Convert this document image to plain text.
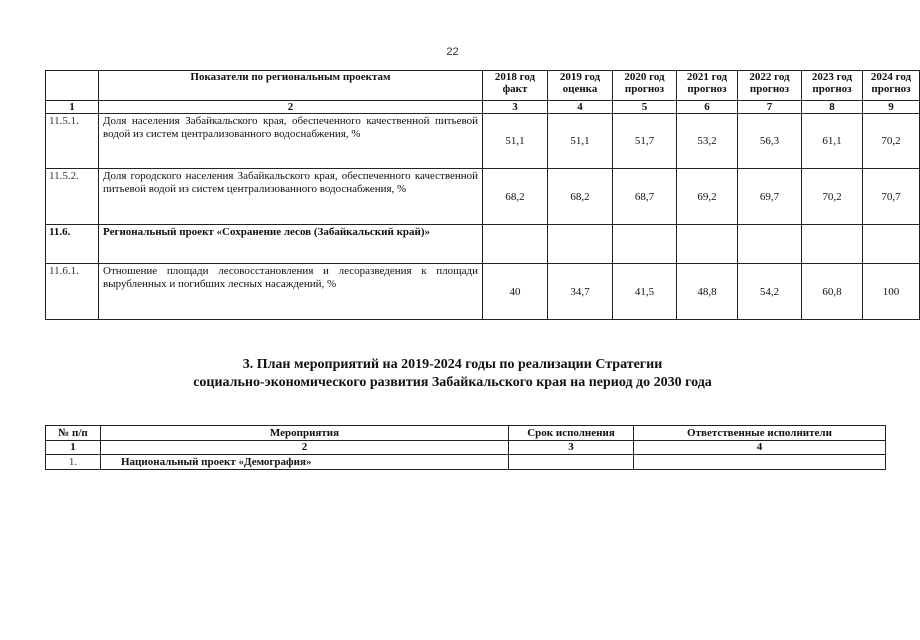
22
	Показатели по региональным проектам	2018 год факт	2019 год оценка	2020 год прогноз	2021 год прогноз	2022 год прогноз	2023 год прогноз	2024 год прогноз
1	2	3	4	5	6	7	8	9
11.5.1.	Доля населения Забайкальского края, обеспеченного качественной питьевой водой из систем централизованного водоснабжения, %	51,1	51,1	51,7	53,2	56,3	61,1	70,2
11.5.2.	Доля городского населения Забайкальского края, обеспеченного качественной питьевой водой из систем централизованного водоснабжения, %	68,2	68,2	68,7	69,2	69,7	70,2	70,7
11.6.	Региональный проект «Сохранение лесов (Забайкальский край)»							
11.6.1.	Отношение площади лесовосстановления и лесоразведения к площади вырубленных и погибших лесных насаждений, %	40	34,7	41,5	48,8	54,2	60,8	100
3. План мероприятий на 2019-2024 годы по реализации Стратегии
социально-экономического развития Забайкальского края на период до 2030 года
№ п/п	Мероприятия	Срок исполнения	Ответственные исполнители
1	2	3	4
1.	Национальный проект «Демография»		
